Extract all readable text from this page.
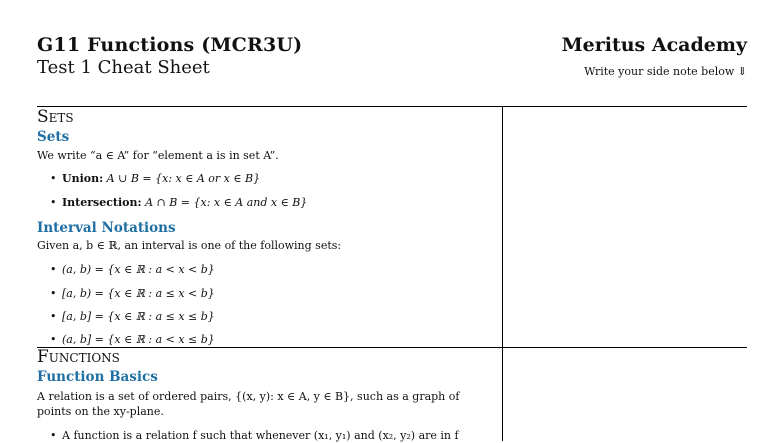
G11 Functions (MCR3U)
Test 1 Cheat Sheet
Meritus Academy
Write your side note below ⇓
Sets
Sets
We write “a ∈ A” for “element a is in set A”.
• Union: A ∪ B = {x: x ∈ A or x ∈ B}
• Intersection: A ∩ B = {x: x ∈ A and x ∈ B}
Interval Notations
Given a, b ∈ ℝ, an interval is one of the following sets:
• (a, b) = {x ∈ ℝ : a < x < b}
• [a, b) = {x ∈ ℝ : a ≤ x < b}
• [a, b] = {x ∈ ℝ : a ≤ x ≤ b}
• (a, b] = {x ∈ ℝ : a < x ≤ b}
Functions
Function Basics
A relation is a set of ordered pairs, {(x, y): x ∈ A, y ∈ B}, such as a graph of
points on the xy-plane.
• A function is a relation f such that whenever (x₁, y₁) and (x₂, y₂) are in f
